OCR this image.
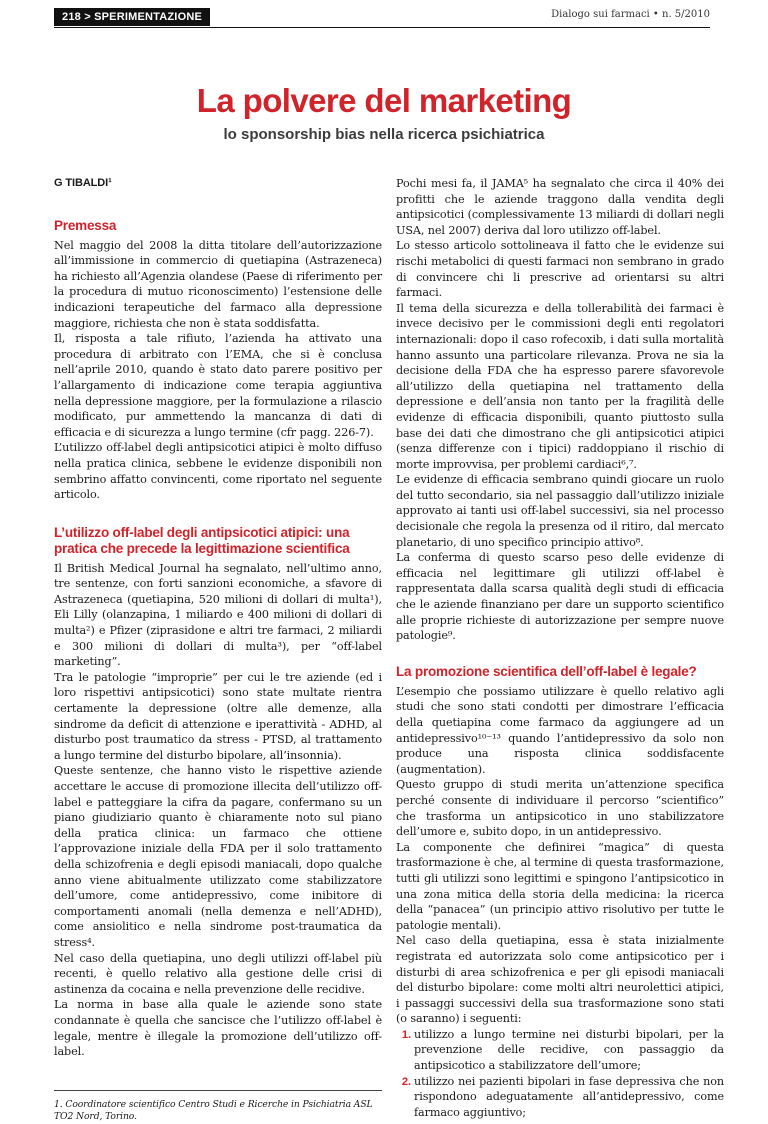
218 > SPERIMENTAZIONE	Dialogo sui farmaci • n. 5/2010
La polvere del marketing
lo sponsorship bias nella ricerca psichiatrica
G TIBALDI¹
Premessa

Nel maggio del 2008 la ditta titolare dell’autorizzazione all’immissione in commercio di quetiapina (Astrazeneca) ha richiesto all’Agenzia olandese (Paese di riferimento per la procedura di mutuo riconoscimento) l’estensione delle indicazioni terapeutiche del farmaco alla depressione maggiore, richiesta che non è stata soddisfatta.

Il, risposta a tale rifiuto, l’azienda ha attivato una procedura di arbitrato con l’EMA, che si è conclusa nell’aprile 2010, quando è stato dato parere positivo per l’allargamento di indicazione come terapia aggiuntiva nella depressione maggiore, per la formulazione a rilascio modificato, pur ammettendo la mancanza di dati di efficacia e di sicurezza a lungo termine (cfr pagg. 226-7).

L’utilizzo off-label degli antipsicotici atipici è molto diffuso nella pratica clinica, sebbene le evidenze disponibili non sembrino affatto convincenti, come riportato nel seguente articolo.

L’utilizzo off-label degli antipsicotici atipici: una pratica che precede la legittimazione scientifica

Il British Medical Journal ha segnalato, nell’ultimo anno, tre sentenze, con forti sanzioni economiche, a sfavore di Astrazeneca (quetiapina, 520 milioni di dollari di multa¹), Eli Lilly (olanzapina, 1 miliardo e 400 milioni di dollari di multa²) e Pfizer (ziprasidone e altri tre farmaci, 2 miliardi e 300 milioni di dollari di multa³), per “off-label marketing”.

Tra le patologie “improprie” per cui le tre aziende (ed i loro rispettivi antipsicotici) sono state multate rientra certamente la depressione (oltre alle demenze, alla sindrome da deficit di attenzione e iperattività - ADHD, al disturbo post traumatico da stress - PTSD, al trattamento a lungo termine del disturbo bipolare, all’insonnia).

Queste sentenze, che hanno visto le rispettive aziende accettare le accuse di promozione illecita dell’utilizzo off-label e patteggiare la cifra da pagare, confermano su un piano giudiziario quanto è chiaramente noto sul piano della pratica clinica: un farmaco che ottiene l’approvazione iniziale della FDA per il solo trattamento della schizofrenia e degli episodi maniacali, dopo qualche anno viene abitualmente utilizzato come stabilizzatore dell’umore, come antidepressivo, come inibitore di comportamenti anomali (nella demenza e nell’ADHD), come ansiolitico e nella sindrome post-traumatica da stress⁴.

Nel caso della quetiapina, uno degli utilizzi off-label più recenti, è quello relativo alla gestione delle crisi di astinenza da cocaina e nella prevenzione delle recidive.

La norma in base alla quale le aziende sono state condannate è quella che sancisce che l’utilizzo off-label è legale, mentre è illegale la promozione dell’utilizzo off-label.

1. Coordinatore scientifico Centro Studi e Ricerche in Psichiatria ASL TO2 Nord, Torino.

Pochi mesi fa, il JAMA⁵ ha segnalato che circa il 40% dei profitti che le aziende traggono dalla vendita degli antipsicotici (complessivamente 13 miliardi di dollari negli USA, nel 2007) deriva dal loro utilizzo off-label.

Lo stesso articolo sottolineava il fatto che le evidenze sui rischi metabolici di questi farmaci non sembrano in grado di convincere chi li prescrive ad orientarsi su altri farmaci.

Il tema della sicurezza e della tollerabilità dei farmaci è invece decisivo per le commissioni degli enti regolatori internazionali: dopo il caso rofecoxib, i dati sulla mortalità hanno assunto una particolare rilevanza. Prova ne sia la decisione della FDA che ha espresso parere sfavorevole all’utilizzo della quetiapina nel trattamento della depressione e dell’ansia non tanto per la fragilità delle evidenze di efficacia disponibili, quanto piuttosto sulla base dei dati che dimostrano che gli antipsicotici atipici (senza differenze con i tipici) raddoppiano il rischio di morte improvvisa, per problemi cardiaci⁶,⁷.

Le evidenze di efficacia sembrano quindi giocare un ruolo del tutto secondario, sia nel passaggio dall’utilizzo iniziale approvato ai tanti usi off-label successivi, sia nel processo decisionale che regola la presenza od il ritiro, dal mercato planetario, di uno specifico principio attivo⁸.

La conferma di questo scarso peso delle evidenze di efficacia nel legittimare gli utilizzi off-label è rappresentata dalla scarsa qualità degli studi di efficacia che le aziende finanziano per dare un supporto scientifico alle proprie richieste di autorizzazione per sempre nuove patologie⁹.

La promozione scientifica dell’off-label è legale?

L’esempio che possiamo utilizzare è quello relativo agli studi che sono stati condotti per dimostrare l’efficacia della quetiapina come farmaco da aggiungere ad un antidepressivo¹⁰⁻¹³ quando l’antidepressivo da solo non produce una risposta clinica soddisfacente (augmentation).

Questo gruppo di studi merita un’attenzione specifica perché consente di individuare il percorso “scientifico” che trasforma un antipsicotico in uno stabilizzatore dell’umore e, subito dopo, in un antidepressivo.

La componente che definirei “magica” di questa trasformazione è che, al termine di questa trasformazione, tutti gli utilizzi sono legittimi e spingono l’antipsicotico in una zona mitica della storia della medicina: la ricerca della “panacea” (un principio attivo risolutivo per tutte le patologie mentali).

Nel caso della quetiapina, essa è stata inizialmente registrata ed autorizzata solo come antipsicotico per i disturbi di area schizofrenica e per gli episodi maniacali del disturbo bipolare: come molti altri neurolettici atipici, i passaggi successivi della sua trasformazione sono stati (o saranno) i seguenti:

1. utilizzo a lungo termine nei disturbi bipolari, per la prevenzione delle recidive, con passaggio da antipsicotico a stabilizzatore dell’umore;
2. utilizzo nei pazienti bipolari in fase depressiva che non rispondono adeguatamente all’antidepressivo, come farmaco aggiuntivo;
